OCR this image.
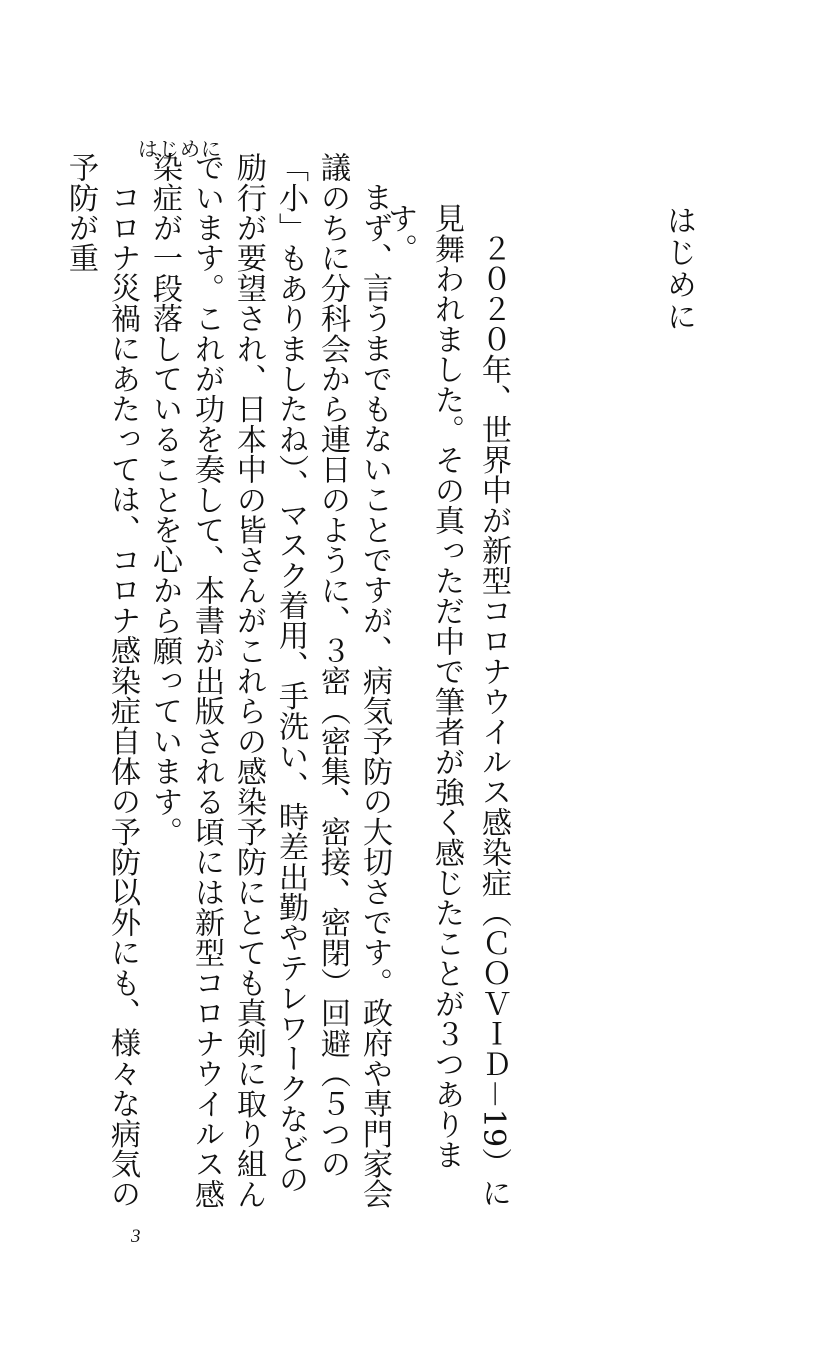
はじめに
はじめに

２０２０年、世界中が新型コロナウイルス感染症（ＣＯＶＩＤ－19）に見舞われました。その真っただ中で筆者が強く感じたことが３つあります。

まず、言うまでもないことですが、病気予防の大切さです。政府や専門家会議のちに分科会から連日のように、３密（密集、密接、密閉）回避（５つの「小」もありましたね）、マスク着用、手洗い、時差出勤やテレワークなどの励行が要望され、日本中の皆さんがこれらの感染予防にとても真剣に取り組んでいます。これが功を奏して、本書が出版される頃には新型コロナウイルス感染症が一段落していることを心から願っています。

コロナ災禍にあたっては、コロナ感染症自体の予防以外にも、様々な病気の予防が重

3
